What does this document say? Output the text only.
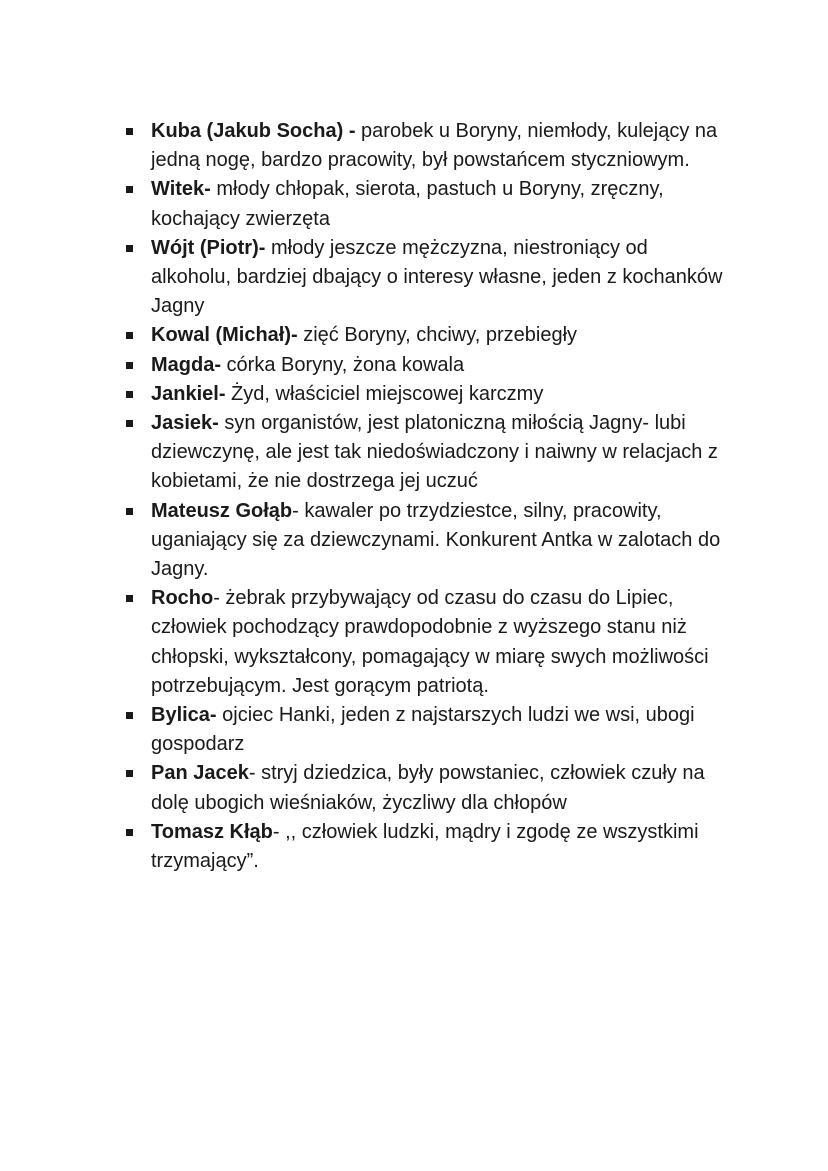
Kuba (Jakub Socha) - parobek u Boryny, niemłody, kulejący na jedną nogę, bardzo pracowity, był powstańcem styczniowym.
Witek- młody chłopak, sierota, pastuch u Boryny, zręczny, kochający zwierzęta
Wójt (Piotr)- młody jeszcze mężczyzna, niestroniący od alkoholu, bardziej dbający o interesy własne, jeden z kochanków Jagny
Kowal (Michał)- zięć Boryny, chciwy, przebiegły
Magda- córka Boryny, żona kowala
Jankiel- Żyd, właściciel miejscowej karczmy
Jasiek- syn organistów, jest platoniczną miłością Jagny- lubi dziewczynę, ale jest tak niedoświadczony i naiwny w relacjach z kobietami, że nie dostrzega jej uczuć
Mateusz Gołąb- kawaler po trzydziestce, silny, pracowity, uganiający się za dziewczynami. Konkurent Antka w zalotach do Jagny.
Rocho- żebrak przybywający od czasu do czasu do Lipiec, człowiek pochodzący prawdopodobnie z wyższego stanu niż chłopski, wykształcony, pomagający w miarę swych możliwości potrzebującym. Jest gorącym patriotą.
Bylica- ojciec Hanki, jeden z najstarszych ludzi we wsi, ubogi gospodarz
Pan Jacek- stryj dziedzica, były powstaniec, człowiek czuły na dolę ubogich wieśniaków, życzliwy dla chłopów
Tomasz Kłąb- ,, człowiek ludzki, mądry i zgodę ze wszystkimi trzymający”.
